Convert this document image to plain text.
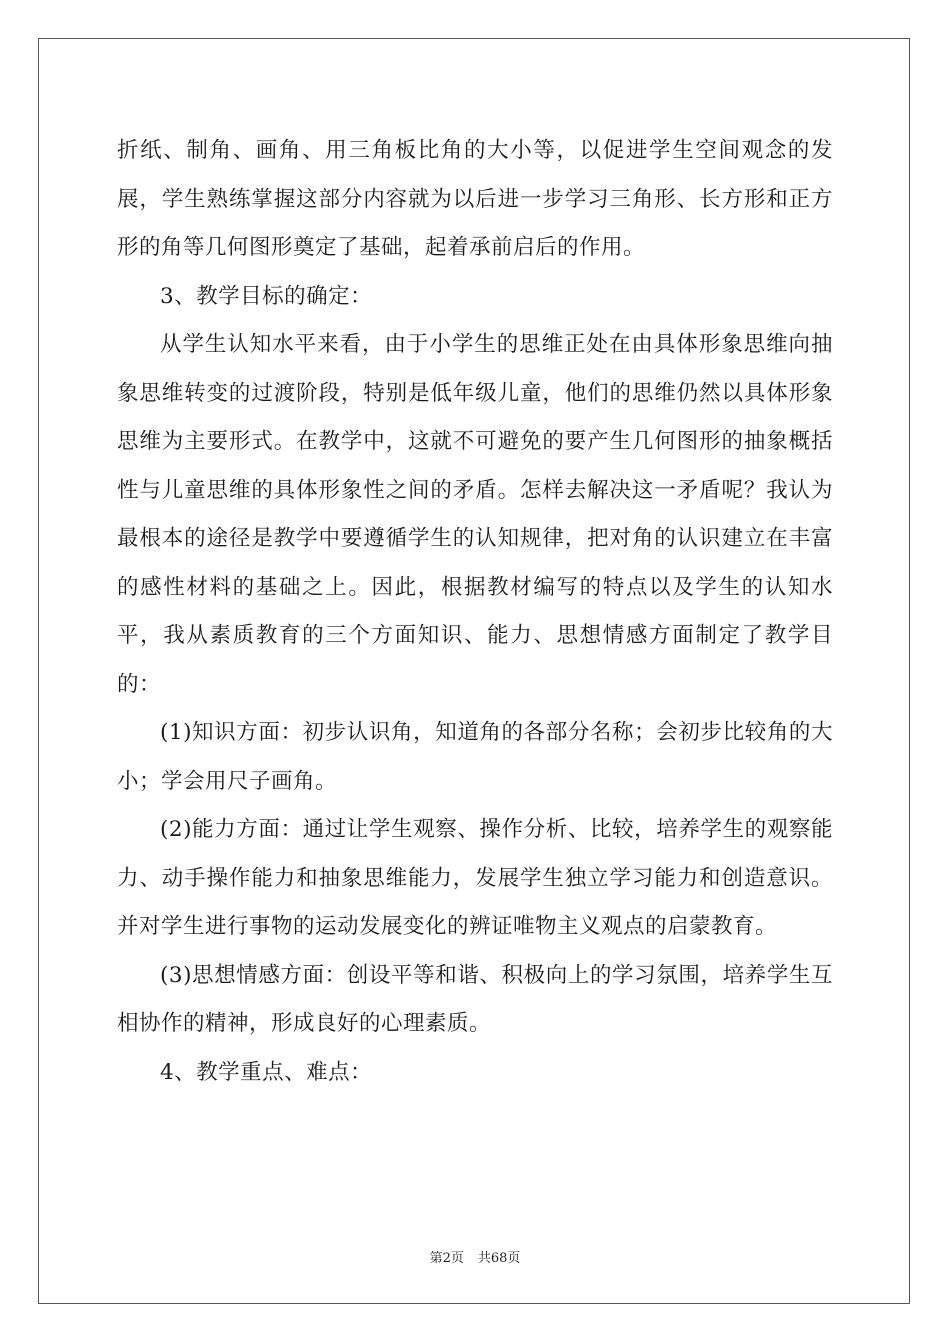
折纸、制角、画角、用三角板比角的大小等，以促进学生空间观念的发展，学生熟练掌握这部分内容就为以后进一步学习三角形、长方形和正方形的角等几何图形奠定了基础，起着承前启后的作用。

3、教学目标的确定：

从学生认知水平来看，由于小学生的思维正处在由具体形象思维向抽象思维转变的过渡阶段，特别是低年级儿童，他们的思维仍然以具体形象思维为主要形式。在教学中，这就不可避免的要产生几何图形的抽象概括性与儿童思维的具体形象性之间的矛盾。怎样去解决这一矛盾呢？我认为最根本的途径是教学中要遵循学生的认知规律，把对角的认识建立在丰富的感性材料的基础之上。因此，根据教材编写的特点以及学生的认知水平，我从素质教育的三个方面知识、能力、思想情感方面制定了教学目的：

(1)知识方面：初步认识角，知道角的各部分名称；会初步比较角的大小；学会用尺子画角。

(2)能力方面：通过让学生观察、操作分析、比较，培养学生的观察能力、动手操作能力和抽象思维能力，发展学生独立学习能力和创造意识。并对学生进行事物的运动发展变化的辨证唯物主义观点的启蒙教育。

(3)思想情感方面：创设平等和谐、积极向上的学习氛围，培养学生互相协作的精神，形成良好的心理素质。

4、教学重点、难点：

第2页 共68页
